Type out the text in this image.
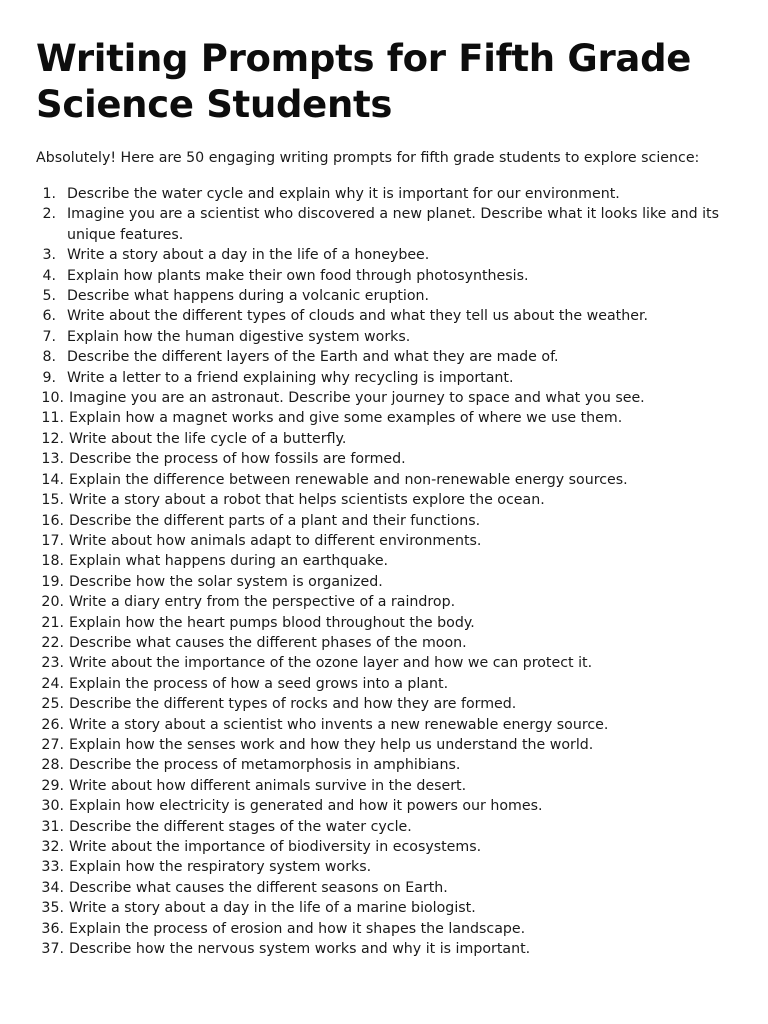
Writing Prompts for Fifth Grade Science Students

Absolutely! Here are 50 engaging writing prompts for fifth grade students to explore science:

1. Describe the water cycle and explain why it is important for our environment.
2. Imagine you are a scientist who discovered a new planet. Describe what it looks like and its unique features.
3. Write a story about a day in the life of a honeybee.
4. Explain how plants make their own food through photosynthesis.
5. Describe what happens during a volcanic eruption.
6. Write about the different types of clouds and what they tell us about the weather.
7. Explain how the human digestive system works.
8. Describe the different layers of the Earth and what they are made of.
9. Write a letter to a friend explaining why recycling is important.
10. Imagine you are an astronaut. Describe your journey to space and what you see.
11. Explain how a magnet works and give some examples of where we use them.
12. Write about the life cycle of a butterfly.
13. Describe the process of how fossils are formed.
14. Explain the difference between renewable and non-renewable energy sources.
15. Write a story about a robot that helps scientists explore the ocean.
16. Describe the different parts of a plant and their functions.
17. Write about how animals adapt to different environments.
18. Explain what happens during an earthquake.
19. Describe how the solar system is organized.
20. Write a diary entry from the perspective of a raindrop.
21. Explain how the heart pumps blood throughout the body.
22. Describe what causes the different phases of the moon.
23. Write about the importance of the ozone layer and how we can protect it.
24. Explain the process of how a seed grows into a plant.
25. Describe the different types of rocks and how they are formed.
26. Write a story about a scientist who invents a new renewable energy source.
27. Explain how the senses work and how they help us understand the world.
28. Describe the process of metamorphosis in amphibians.
29. Write about how different animals survive in the desert.
30. Explain how electricity is generated and how it powers our homes.
31. Describe the different stages of the water cycle.
32. Write about the importance of biodiversity in ecosystems.
33. Explain how the respiratory system works.
34. Describe what causes the different seasons on Earth.
35. Write a story about a day in the life of a marine biologist.
36. Explain the process of erosion and how it shapes the landscape.
37. Describe how the nervous system works and why it is important.
